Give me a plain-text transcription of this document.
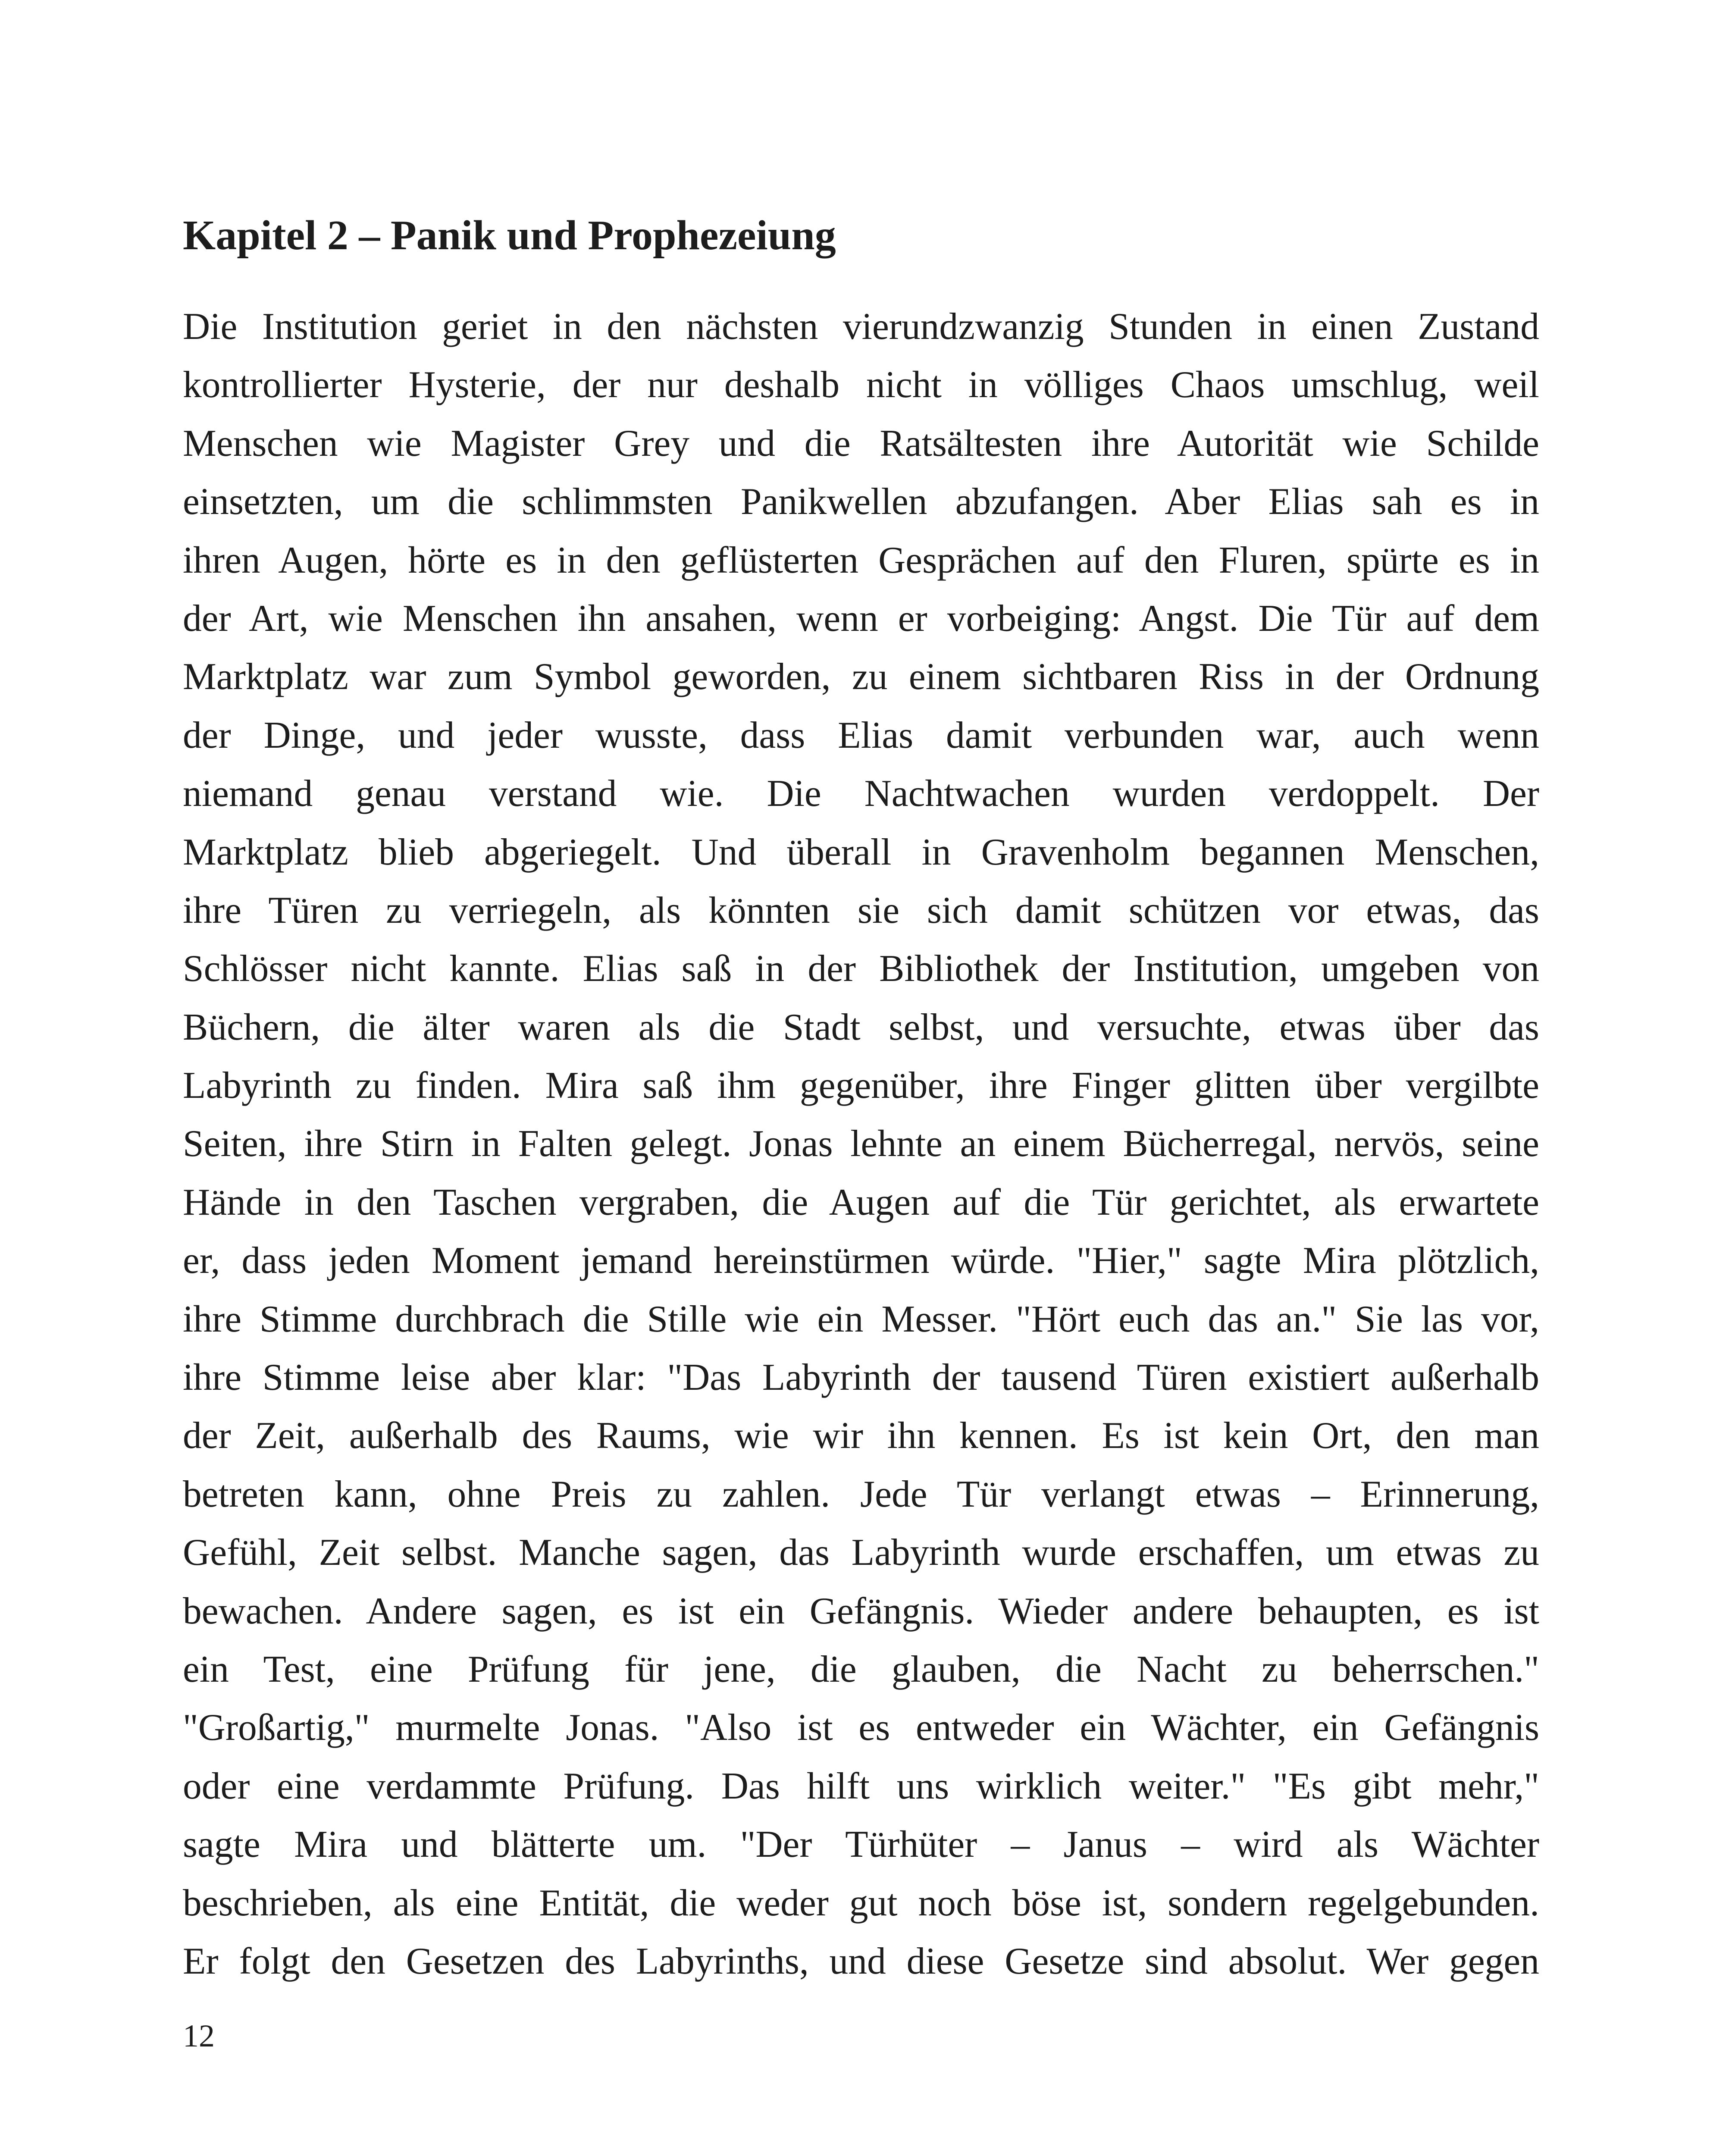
Kapitel 2 – Panik und Prophezeiung
Die Institution geriet in den nächsten vierundzwanzig Stunden in einen Zustand
kontrollierter Hysterie, der nur deshalb nicht in völliges Chaos umschlug, weil
Menschen wie Magister Grey und die Ratsältesten ihre Autorität wie Schilde
einsetzten, um die schlimmsten Panikwellen abzufangen. Aber Elias sah es in
ihren Augen, hörte es in den geflüsterten Gesprächen auf den Fluren, spürte es in
der Art, wie Menschen ihn ansahen, wenn er vorbeiging: Angst. Die Tür auf dem
Marktplatz war zum Symbol geworden, zu einem sichtbaren Riss in der Ordnung
der Dinge, und jeder wusste, dass Elias damit verbunden war, auch wenn
niemand genau verstand wie. Die Nachtwachen wurden verdoppelt. Der
Marktplatz blieb abgeriegelt. Und überall in Gravenholm begannen Menschen,
ihre Türen zu verriegeln, als könnten sie sich damit schützen vor etwas, das
Schlösser nicht kannte. Elias saß in der Bibliothek der Institution, umgeben von
Büchern, die älter waren als die Stadt selbst, und versuchte, etwas über das
Labyrinth zu finden. Mira saß ihm gegenüber, ihre Finger glitten über vergilbte
Seiten, ihre Stirn in Falten gelegt. Jonas lehnte an einem Bücherregal, nervös, seine
Hände in den Taschen vergraben, die Augen auf die Tür gerichtet, als erwartete
er, dass jeden Moment jemand hereinstürmen würde. "Hier," sagte Mira plötzlich,
ihre Stimme durchbrach die Stille wie ein Messer. "Hört euch das an." Sie las vor,
ihre Stimme leise aber klar: "Das Labyrinth der tausend Türen existiert außerhalb
der Zeit, außerhalb des Raums, wie wir ihn kennen. Es ist kein Ort, den man
betreten kann, ohne Preis zu zahlen. Jede Tür verlangt etwas – Erinnerung,
Gefühl, Zeit selbst. Manche sagen, das Labyrinth wurde erschaffen, um etwas zu
bewachen. Andere sagen, es ist ein Gefängnis. Wieder andere behaupten, es ist
ein Test, eine Prüfung für jene, die glauben, die Nacht zu beherrschen."
"Großartig," murmelte Jonas. "Also ist es entweder ein Wächter, ein Gefängnis
oder eine verdammte Prüfung. Das hilft uns wirklich weiter." "Es gibt mehr,"
sagte Mira und blätterte um. "Der Türhüter – Janus – wird als Wächter
beschrieben, als eine Entität, die weder gut noch böse ist, sondern regelgebunden.
Er folgt den Gesetzen des Labyrinths, und diese Gesetze sind absolut. Wer gegen
12
